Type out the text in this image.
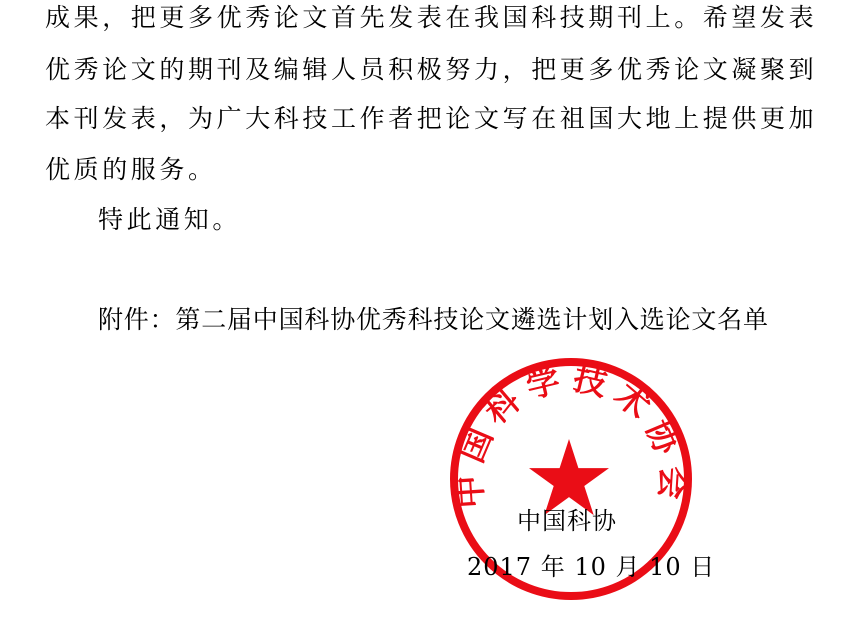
成果，把更多优秀论文首先发表在我国科技期刊上。希望发表
优秀论文的期刊及编辑人员积极努力，把更多优秀论文凝聚到
本刊发表，为广大科技工作者把论文写在祖国大地上提供更加
优质的服务。
特此通知。
附件：第二届中国科协优秀科技论文遴选计划入选论文名单
中国科学技术协会
中国科协
2017 年 10 月 10 日
